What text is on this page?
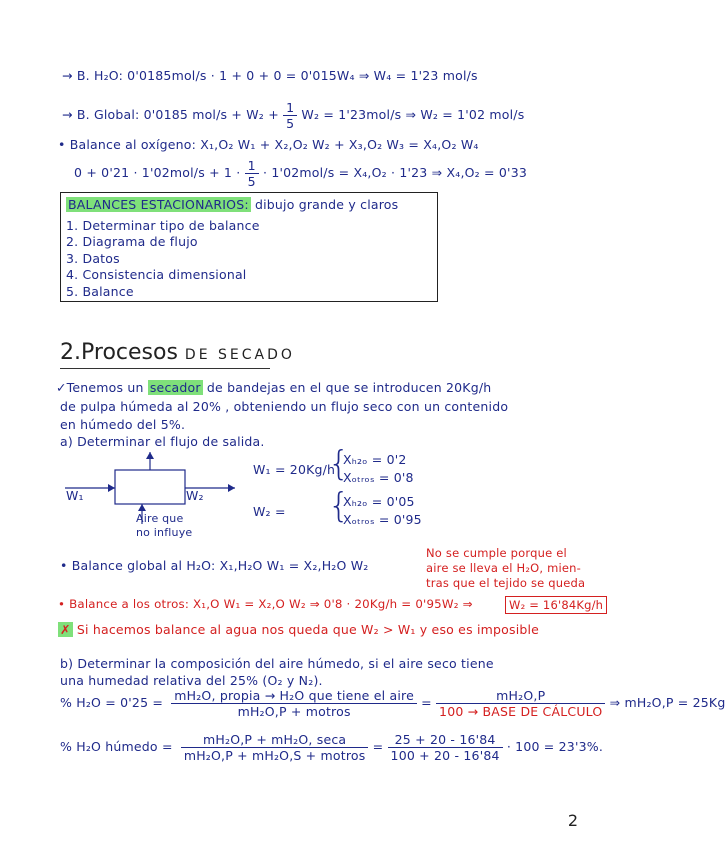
→ B. H₂O: 0'0185mol/s · 1 + 0 + 0 = 0'015W₄ ⇒ W₄ = 1'23 mol/s
→ B. Global: 0'0185 $mol/s + W_2 + \frac{1}{5} W_2 = 1'23mol/s$ ⇒ W₂ = 1'02 mol/s
• Balance al oxígeno: X₁,O₂ W₁ + X₂,O₂ W₂ + X₃,O₂ W₃ = X₄,O₂ W₄
$0 + 0'21 \cdot 1'02mol/s + 1 \cdot \frac{1}{5} \cdot 1'02mol/s = X_4,O_2 \cdot 1'23$ ⇒ X₄,O₂ = 0'33
BALANCES ESTACIONARIOS: dibujo grande y claros
1. Determinar tipo de balance
2. Diagrama de flujo
3. Datos
4. Consistencia dimensional
5. Balance
2.Procesos DE SECADO
✓Tenemos un secador de bandejas en el que se introducen 20Kg/h
de pulpa húmeda al 20% , obteniendo un flujo seco con un contenido
en húmedo del 5%.
a) Determinar el flujo de salida.
W₁	W₂
Aire que
no influye
W₁ = 20Kg/h
{
Xₕ₂ₒ = 0'2
Xₒₜᵣₒₛ = 0'8
W₂ = {
Xₕ₂ₒ = 0'05
Xₒₜᵣₒₛ = 0'95
• Balance global al H₂O: X₁,H₂O W₁ = X₂,H₂O W₂
No se cumple porque el
aire se lleva el H₂O, mien-
tras que el tejido se queda
• Balance a los otros: X₁,O W₁ = X₂,O W₂ ⇒ 0'8 · 20Kg/h = 0'95W₂ ⇒	W₂ = 16'84Kg/h
✗ Si hacemos balance al agua nos queda que W₂ > W₁ y eso es imposible
b) Determinar la composición del aire húmedo, si el aire seco tiene
una humedad relativa del 25% (O₂ y N₂).
% $H_2O = 0'25 = \frac{\text{mH₂O, propia → H₂O que tiene el aire}}{\text{mH₂O,P + motros}} = \frac{\text{mH₂O,P}}{\text{100 → BASE DE CÁLCULO}}$ ⇒ mH₂O,P = 25Kg
% H₂O húmedo = $\frac{\text{mH₂O,P + mH₂O, seca}}{\text{mH₂O,P + mH₂O,S + motros}} = \frac{25 + 20 - 16'84}{100 + 20 - 16'84} \cdot 100 = 23'3\%$.
2
